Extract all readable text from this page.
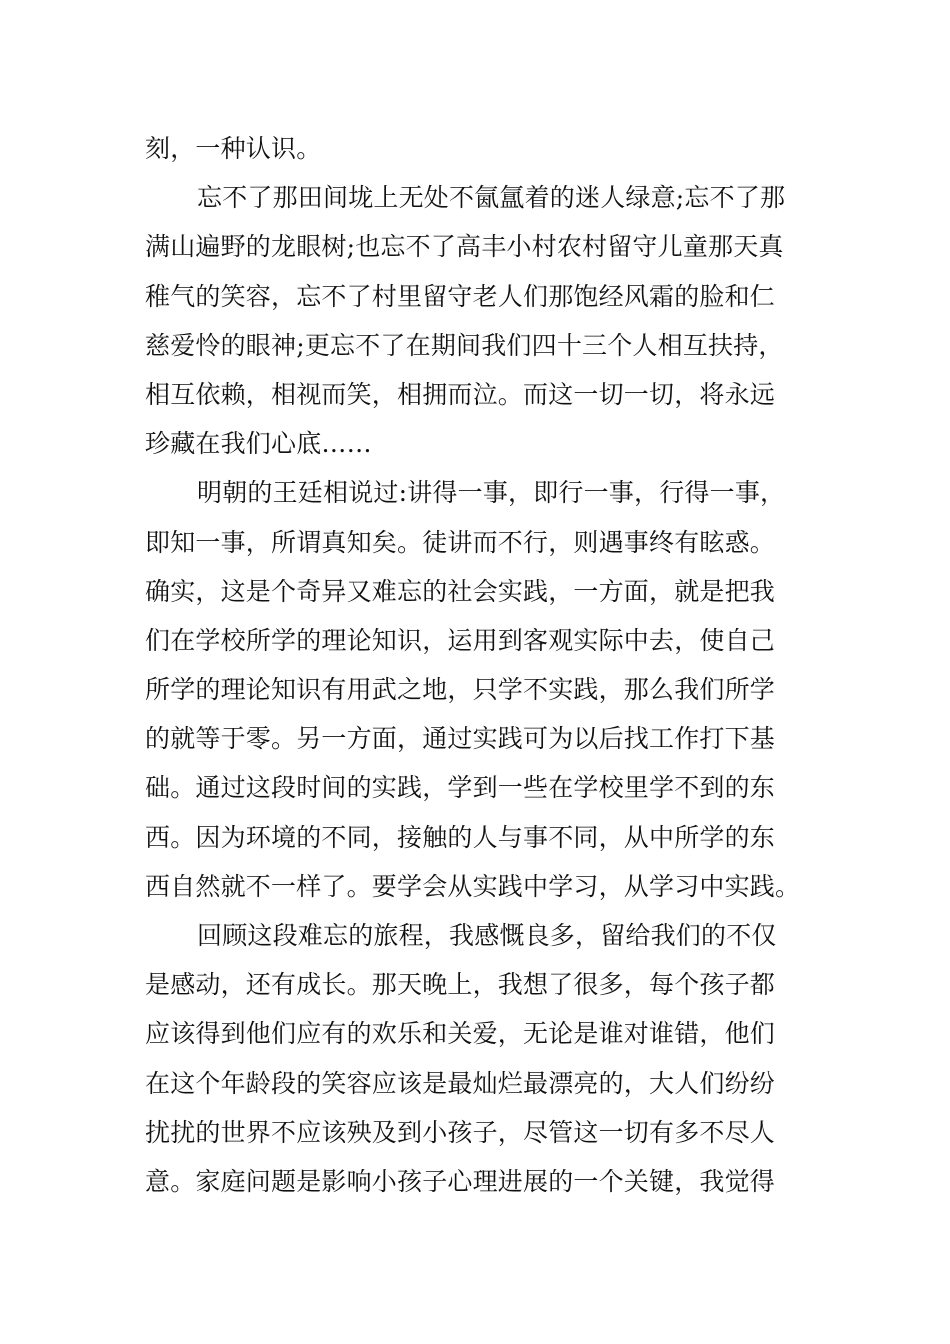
刻，一种认识。
忘不了那田间垅上无处不氤氲着的迷人绿意;忘不了那
满山遍野的龙眼树;也忘不了高丰小村农村留守儿童那天真
稚气的笑容，忘不了村里留守老人们那饱经风霜的脸和仁
慈爱怜的眼神;更忘不了在期间我们四十三个人相互扶持，
相互依赖，相视而笑，相拥而泣。而这一切一切，将永远
珍藏在我们心底……
明朝的王廷相说过:讲得一事，即行一事，行得一事，
即知一事，所谓真知矣。徒讲而不行，则遇事终有眩惑。
确实，这是个奇异又难忘的社会实践，一方面，就是把我
们在学校所学的理论知识，运用到客观实际中去，使自己
所学的理论知识有用武之地，只学不实践，那么我们所学
的就等于零。另一方面，通过实践可为以后找工作打下基
础。通过这段时间的实践，学到一些在学校里学不到的东
西。因为环境的不同，接触的人与事不同，从中所学的东
西自然就不一样了。要学会从实践中学习，从学习中实践。
回顾这段难忘的旅程，我感慨良多，留给我们的不仅
是感动，还有成长。那天晚上，我想了很多，每个孩子都
应该得到他们应有的欢乐和关爱，无论是谁对谁错，他们
在这个年龄段的笑容应该是最灿烂最漂亮的，大人们纷纷
扰扰的世界不应该殃及到小孩子，尽管这一切有多不尽人
意。家庭问题是影响小孩子心理进展的一个关键，我觉得
